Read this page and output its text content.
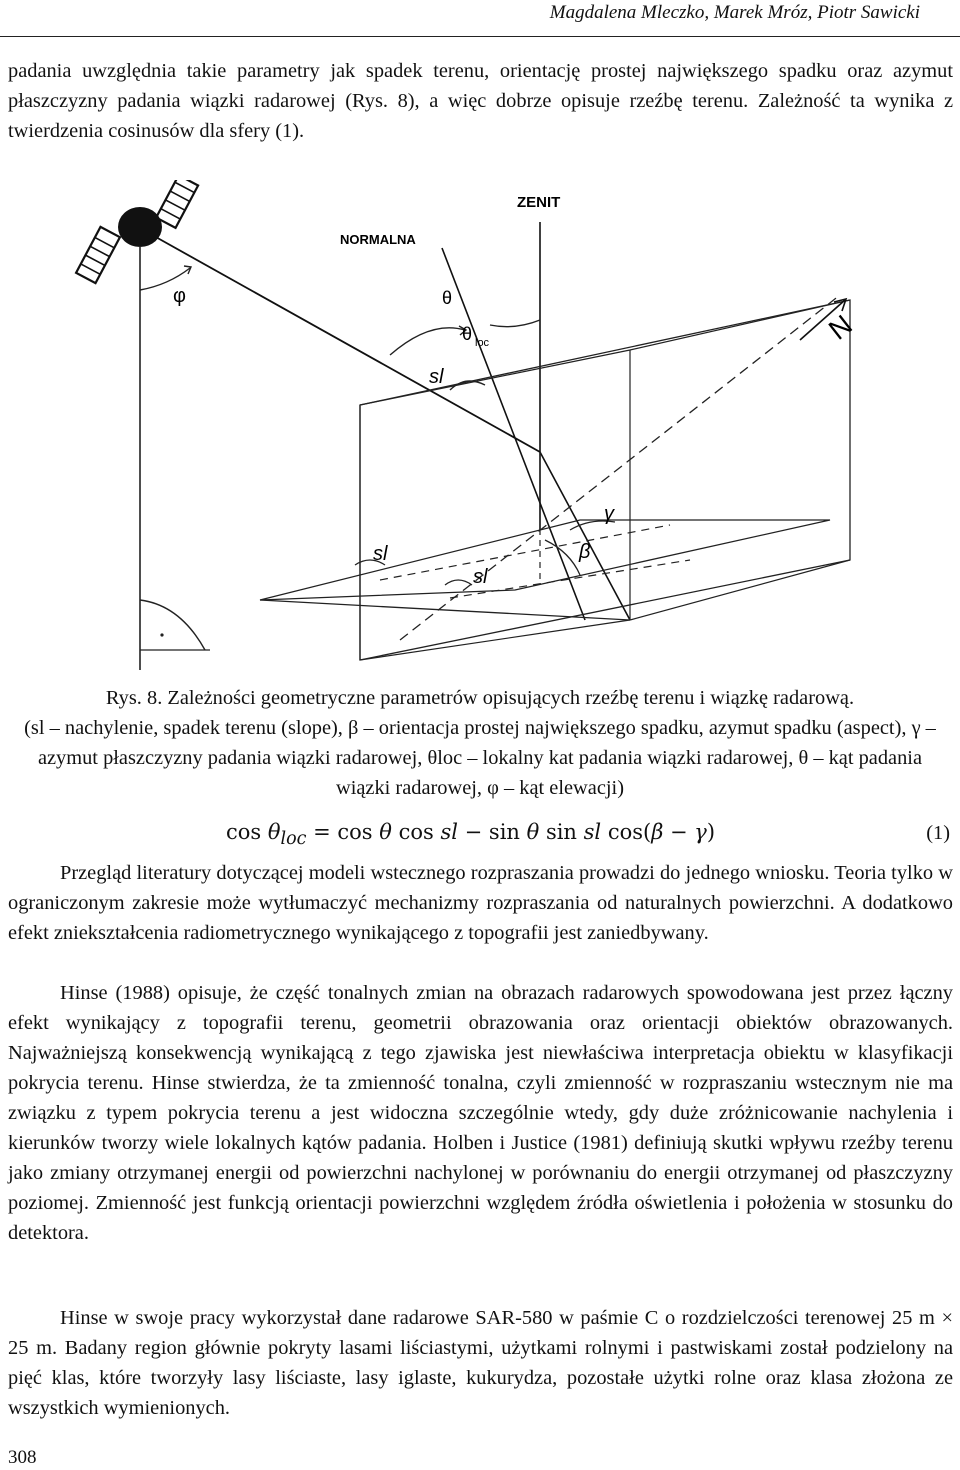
Magdalena Mleczko, Marek Mróz, Piotr Sawicki

padania uwzględnia takie parametry jak spadek terenu, orientację prostej największego spadku oraz azymut płaszczyzny padania wiązki radarowej (Rys. 8), a więc dobrze opisuje rzeźbę terenu. Zależność ta wynika z twierdzenia cosinusów dla sfery (1).

ZENIT
NORMALNA
θ
θ loc
sl
φ
sl
sl
γ
β
N

Rys. 8. Zależności geometryczne parametrów opisujących rzeźbę terenu i wiązkę radarową.
(sl – nachylenie, spadek terenu (slope), β – orientacja prostej największego spadku, azymut spadku (aspect), γ – azymut płaszczyzny padania wiązki radarowej, θloc – lokalny kat padania wiązki radarowej, θ – kąt padania wiązki radarowej, φ – kąt elewacji)

$\cos \theta_{loc} = \cos \theta$ cos sl − sin θ sin sl cos(β − γ)	(1)

Przegląd literatury dotyczącej modeli wstecznego rozpraszania prowadzi do jednego wniosku. Teoria tylko w ograniczonym zakresie może wytłumaczyć mechanizmy rozpraszania od naturalnych powierzchni. A dodatkowo efekt zniekształcenia radiometrycznego wynikającego z topografii jest zaniedbywany.

Hinse (1988) opisuje, że część tonalnych zmian na obrazach radarowych spowodowana jest przez łączny efekt wynikający z topografii terenu, geometrii obrazowania oraz orientacji obiektów obrazowanych. Najważniejszą konsekwencją wynikającą z tego zjawiska jest niewłaściwa interpretacja obiektu w klasyfikacji pokrycia terenu. Hinse stwierdza, że ta zmienność tonalna, czyli zmienność w rozpraszaniu wstecznym nie ma związku z typem pokrycia terenu a jest widoczna szczególnie wtedy, gdy duże zróżnicowanie nachylenia i kierunków tworzy wiele lokalnych kątów padania. Holben i Justice (1981) definiują skutki wpływu rzeźby terenu jako zmiany otrzymanej energii od powierzchni nachylonej w porównaniu do energii otrzymanej od płaszczyzny poziomej. Zmienność jest funkcją orientacji powierzchni względem źródła oświetlenia i położenia w stosunku do detektora.

Hinse w swoje pracy wykorzystał dane radarowe SAR-580 w paśmie C o rozdzielczości terenowej 25 m × 25 m. Badany region głównie pokryty lasami liściastymi, użytkami rolnymi i pastwiskami został podzielony na pięć klas, które tworzyły lasy liściaste, lasy iglaste, kukurydza, pozostałe użytki rolne oraz klasa złożona ze wszystkich wymienionych.

308
